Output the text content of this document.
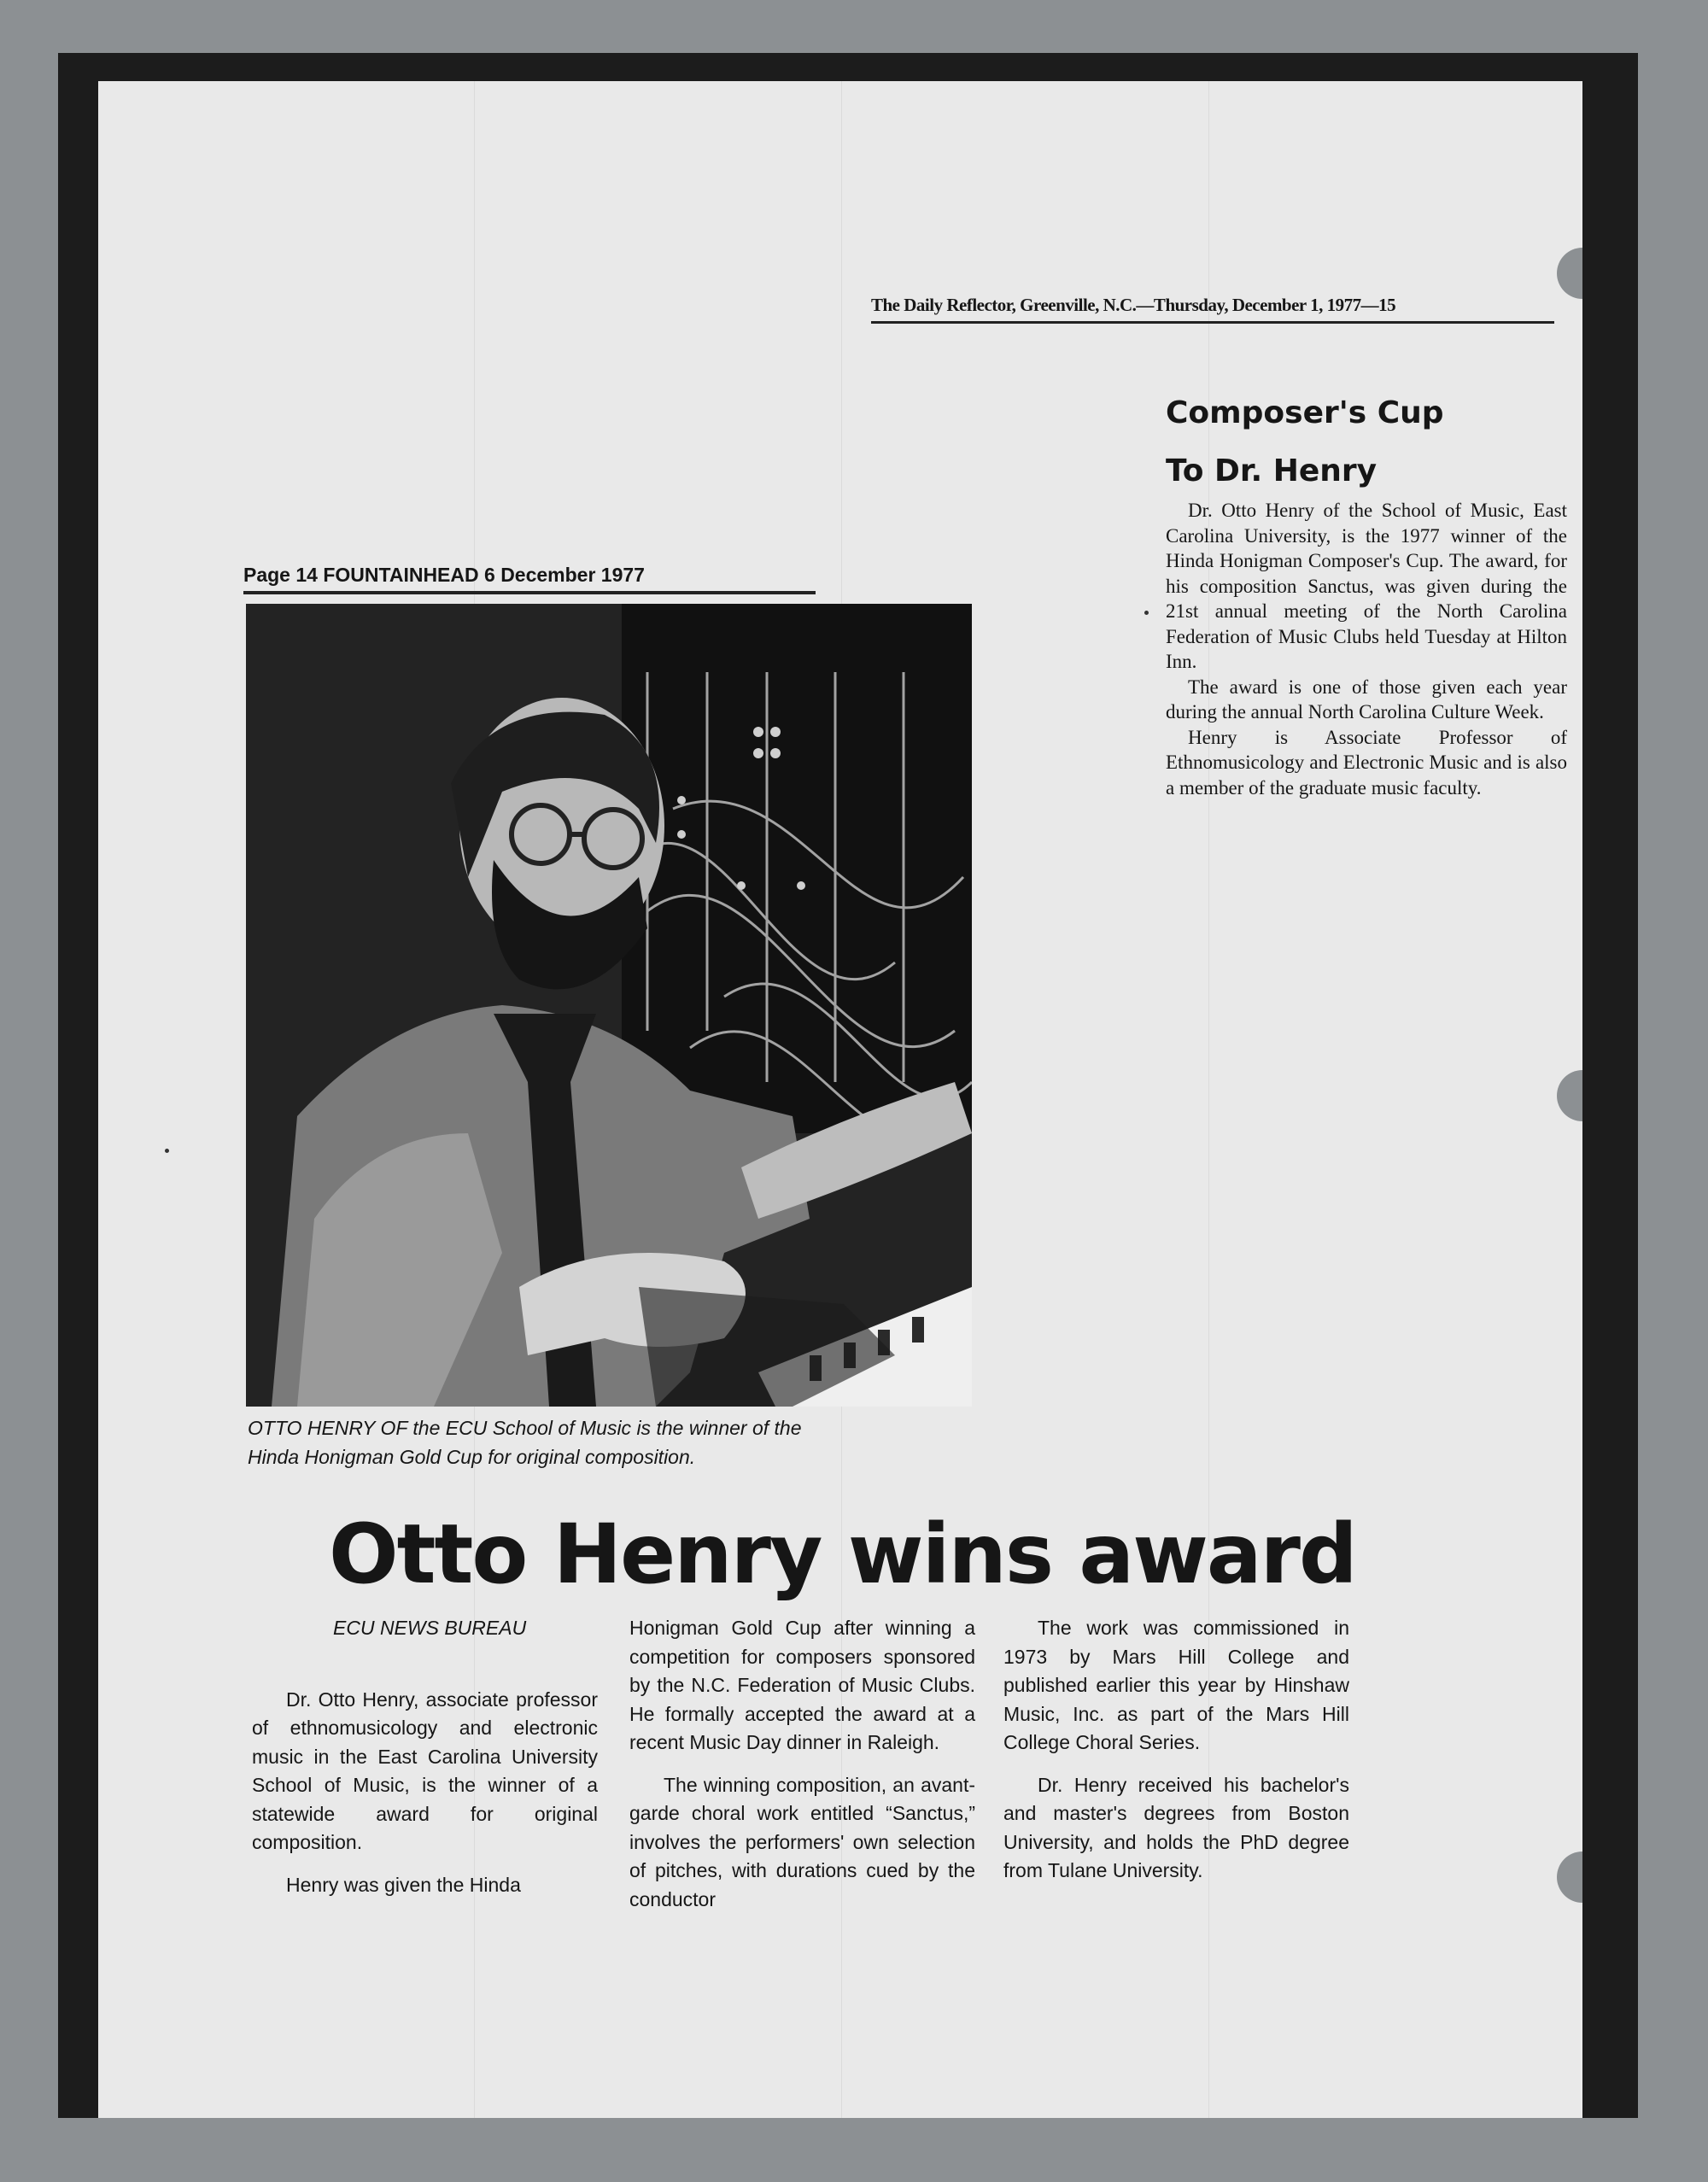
The Daily Reflector, Greenville, N.C.—Thursday, December 1, 1977—15
Composer's Cup
To Dr. Henry

Dr. Otto Henry of the School of Music, East Carolina University, is the 1977 winner of the Hinda Honigman Composer's Cup. The award, for his composition Sanctus, was given during the 21st annual meeting of the North Carolina Federation of Music Clubs held Tuesday at Hilton Inn.

The award is one of those given each year during the annual North Carolina Culture Week.

Henry is Associate Professor of Ethnomusicology and Electronic Music and is also a member of the graduate music faculty.

Page 14 FOUNTAINHEAD 6 December 1977
OTTO HENRY OF the ECU School of Music is the winner of the
Hinda Honigman Gold Cup for original composition.
Otto Henry wins award

ECU NEWS BUREAU

Dr. Otto Henry, associate professor of ethnomusicology and electronic music in the East Carolina University School of Music, is the winner of a statewide award for original composition.

Henry was given the Hinda

Honigman Gold Cup after winning a competition for composers sponsored by the N.C. Federation of Music Clubs. He formally accepted the award at a recent Music Day dinner in Raleigh.

The winning composition, an avant-garde choral work entitled “Sanctus,” involves the performers' own selection of pitches, with durations cued by the conductor

The work was commissioned in 1973 by Mars Hill College and published earlier this year by Hinshaw Music, Inc. as part of the Mars Hill College Choral Series.

Dr. Henry received his bachelor's and master's degrees from Boston University, and holds the PhD degree from Tulane University.
